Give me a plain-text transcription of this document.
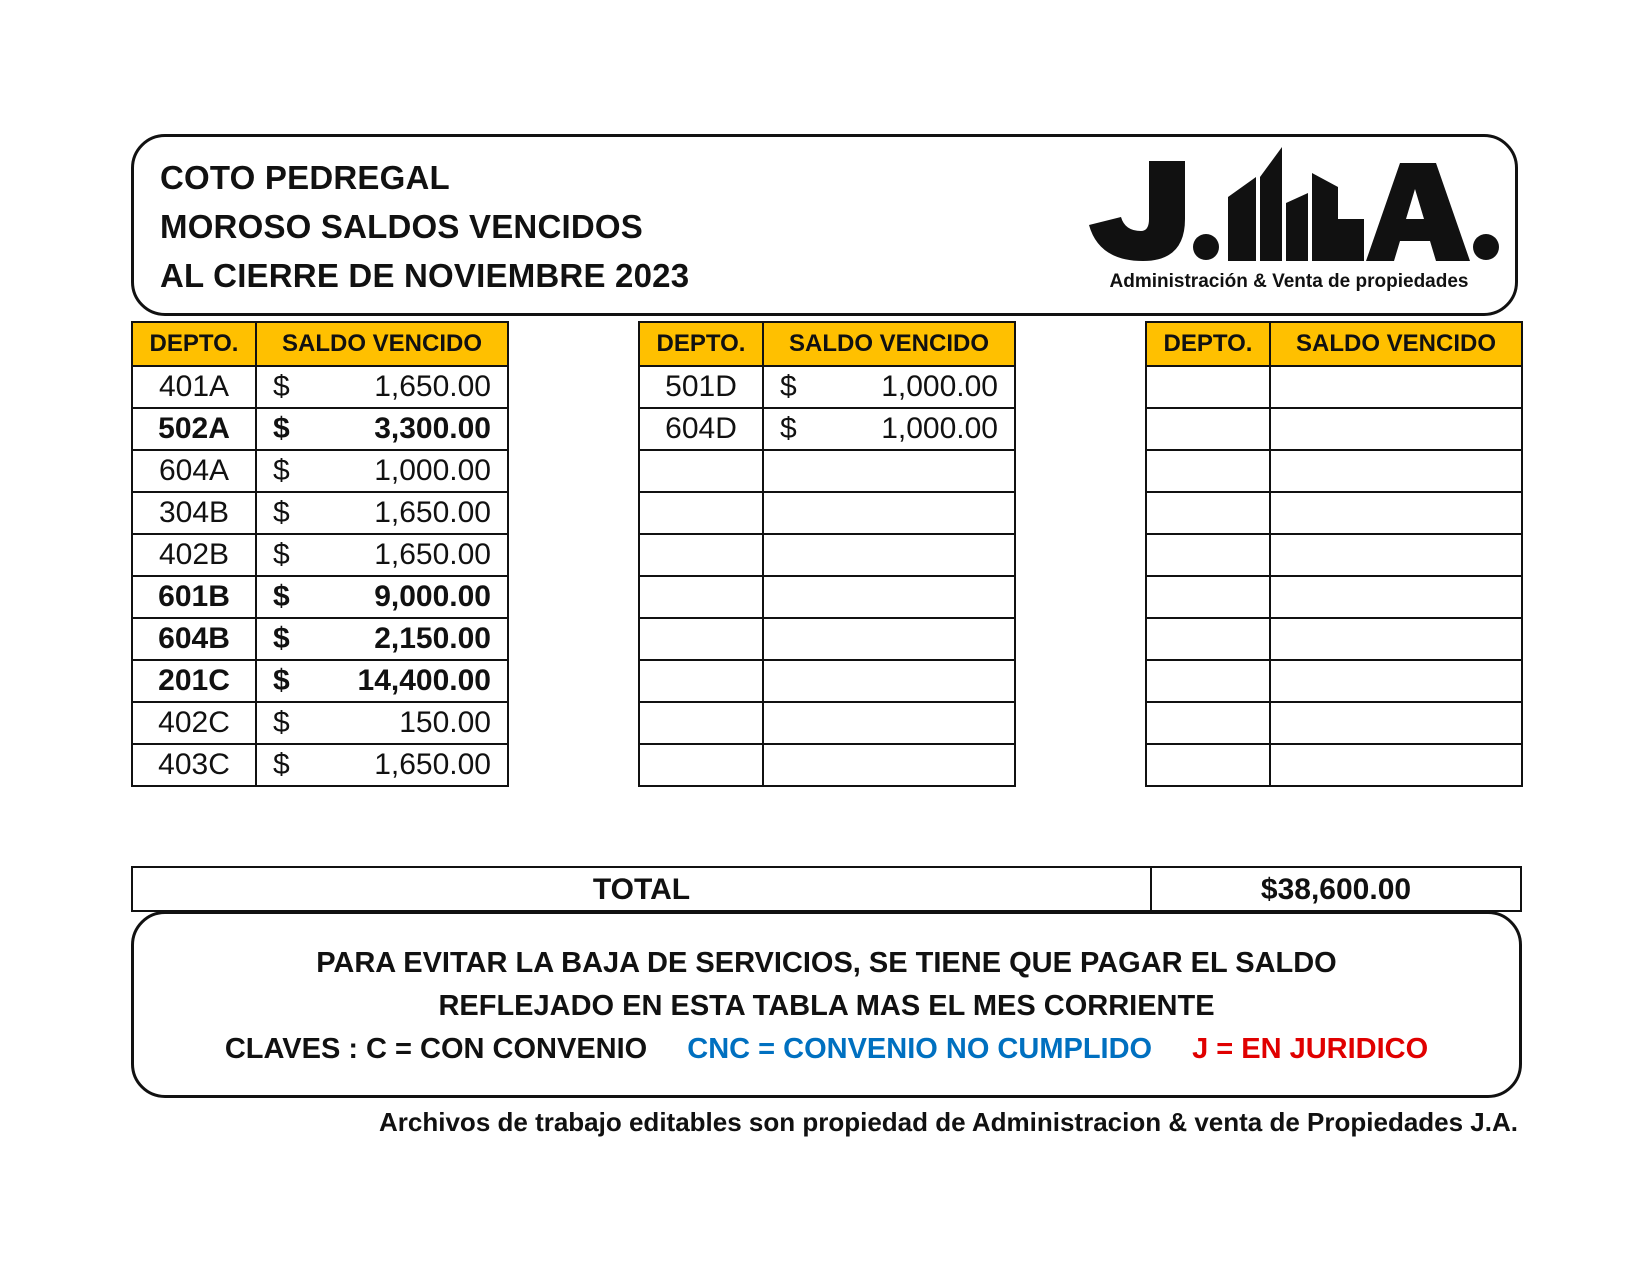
COTO PEDREGAL
MOROSO SALDOS VENCIDOS
AL CIERRE DE NOVIEMBRE 2023	Administración & Venta de propiedades
DEPTO.	SALDO VENCIDO
401A	$ 1,650.00

502A	$ 3,300.00

604A	$ 1,000.00

304B	$ 1,650.00

402B	$ 1,650.00

601B	$ 9,000.00

604B	$ 2,150.00

201C	$ 14,400.00

402C	$ 150.00

403C	$ 1,650.00
DEPTO.	SALDO VENCIDO
501D	$ 1,000.00

604D	$ 1,000.00

DEPTO.	SALDO VENCIDO

TOTAL	$38,600.00
PARA EVITAR LA BAJA DE SERVICIOS, SE TIENE QUE PAGAR EL SALDO
REFLEJADO EN ESTA TABLA MAS EL MES CORRIENTE
CLAVES : C = CON CONVENIO CNC = CONVENIO NO CUMPLIDO J = EN JURIDICO
Archivos de trabajo editables son propiedad de Administracion & venta de Propiedades J.A.
